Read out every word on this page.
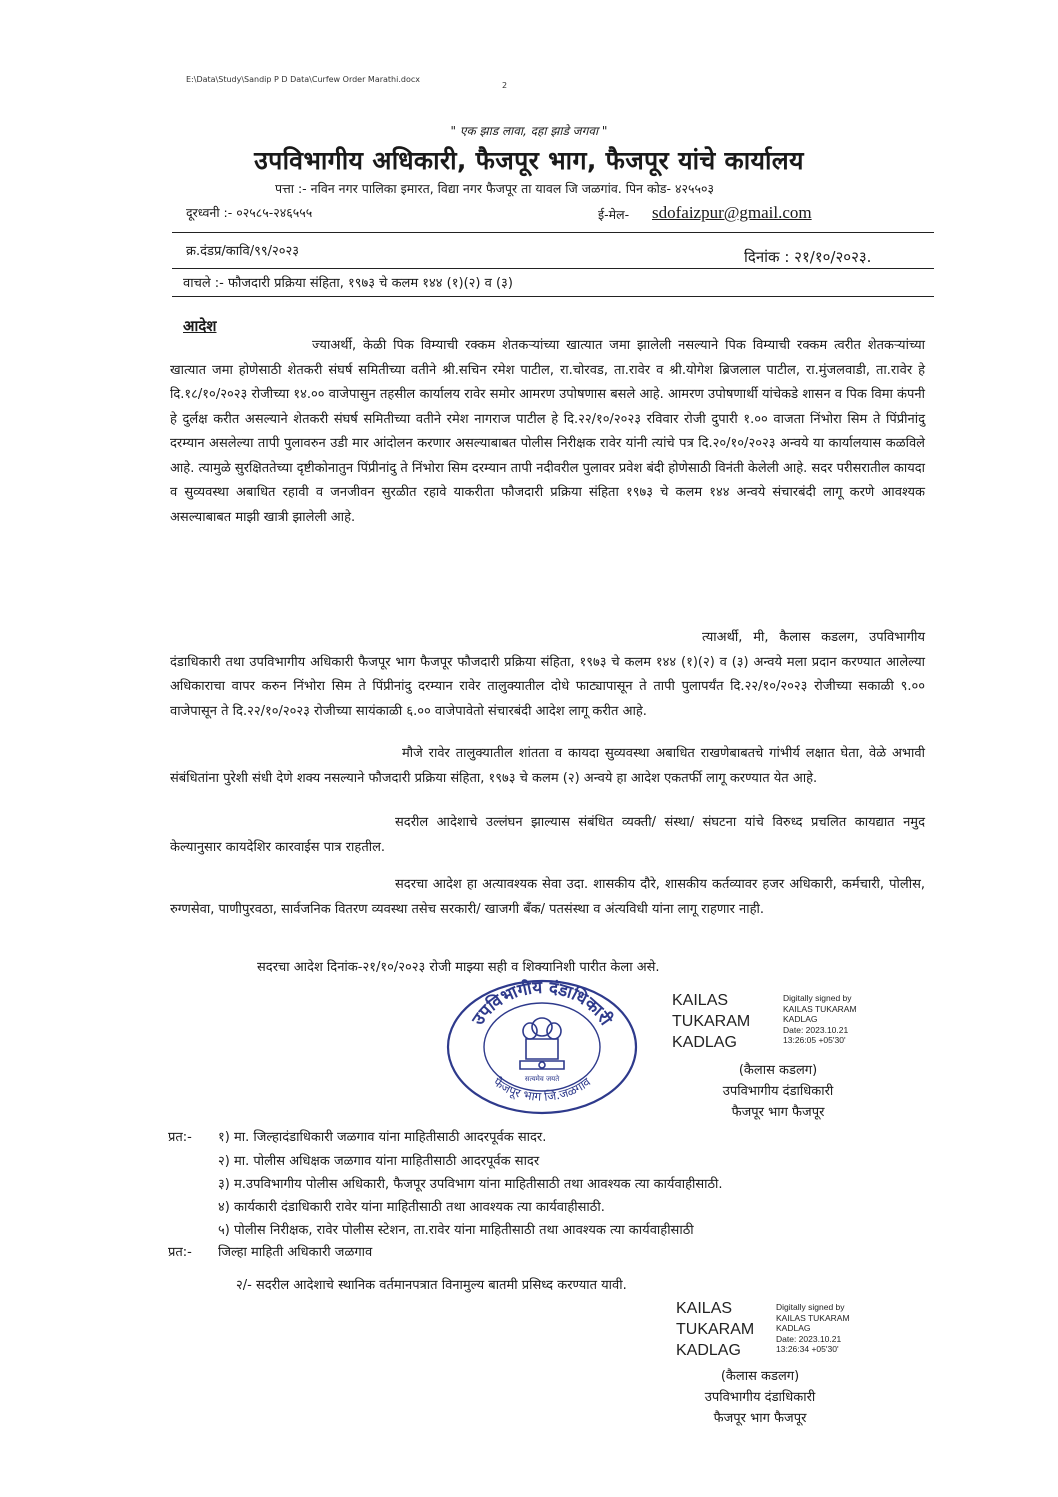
E:\Data\Study\Sandip P D Data\Curfew Order Marathi.docx
2
" एक झाड लावा, दहा झाडे जगवा "
उपविभागीय अधिकारी, फैजपूर भाग, फैजपूर यांचे कार्यालय
पत्ता :- नविन नगर पालिका इमारत, विद्या नगर फैजपूर ता यावल जि जळगांव. पिन कोड- ४२५५०३
दूरध्वनी :- ०२५८५-२४६५५५	ई-मेल- sdofaizpur@gmail.com
क्र.दंडप्र/कावि/९९/२०२३	दिनांक : २१/१०/२०२३.
वाचले :- फौजदारी प्रक्रिया संहिता, १९७३ चे कलम १४४ (१)(२) व (३)
आदेश
ज्याअर्थी, केळी पिक विम्याची रक्कम शेतकऱ्यांच्या खात्यात जमा झालेली नसल्याने पिक विम्याची रक्कम त्वरीत शेतकऱ्यांच्या खात्यात जमा होणेसाठी शेतकरी संघर्ष समितीच्या वतीने श्री.सचिन रमेश पाटील, रा.चोरवड, ता.रावेर व श्री.योगेश ब्रिजलाल पाटील, रा.मुंजलवाडी, ता.रावेर हे दि.१८/१०/२०२३ रोजीच्या १४.०० वाजेपासुन तहसील कार्यालय रावेर समोर आमरण उपोषणास बसले आहे. आमरण उपोषणार्थी यांचेकडे शासन व पिक विमा कंपनी हे दुर्लक्ष करीत असल्याने शेतकरी संघर्ष समितीच्या वतीने रमेश नागराज पाटील हे दि.२२/१०/२०२३ रविवार रोजी दुपारी १.०० वाजता निंभोरा सिम ते पिंप्रीनांदु दरम्यान असलेल्या तापी पुलावरुन उडी मार आंदोलन करणार असल्याबाबत पोलीस निरीक्षक रावेर यांनी त्यांचे पत्र दि.२०/१०/२०२३ अन्वये या कार्यालयास कळविले आहे. त्यामुळे सुरक्षिततेच्या दृष्टीकोनातुन पिंप्रीनांदु ते निंभोरा सिम दरम्यान तापी नदीवरील पुलावर प्रवेश बंदी होणेसाठी विनंती केलेली आहे. सदर परीसरातील कायदा व सुव्यवस्था अबाधित रहावी व जनजीवन सुरळीत रहावे याकरीता फौजदारी प्रक्रिया संहिता १९७३ चे कलम १४४ अन्वये संचारबंदी लागू करणे आवश्यक असल्याबाबत माझी खात्री झालेली आहे.
त्याअर्थी, मी, कैलास कडलग, उपविभागीय दंडाधिकारी तथा उपविभागीय अधिकारी फैजपूर भाग फैजपूर फौजदारी प्रक्रिया संहिता, १९७३ चे कलम १४४ (१)(२) व (३) अन्वये मला प्रदान करण्यात आलेल्या अधिकाराचा वापर करुन निंभोरा सिम ते पिंप्रीनांदु दरम्यान रावेर तालुक्यातील दोधे फाट्यापासून ते तापी पुलापर्यंत दि.२२/१०/२०२३ रोजीच्या सकाळी ९.०० वाजेपासून ते दि.२२/१०/२०२३ रोजीच्या सायंकाळी ६.०० वाजेपावेतो संचारबंदी आदेश लागू करीत आहे.
मौजे रावेर तालुक्यातील शांतता व कायदा सुव्यवस्था अबाधित राखणेबाबतचे गांभीर्य लक्षात घेता, वेळे अभावी संबंधितांना पुरेशी संधी देणे शक्य नसल्याने फौजदारी प्रक्रिया संहिता, १९७३ चे कलम (२) अन्वये हा आदेश एकतर्फी लागू करण्यात येत आहे.
सदरील आदेशाचे उल्लंघन झाल्यास संबंधित व्यक्ती/ संस्था/ संघटना यांचे विरुध्द प्रचलित कायद्यात नमुद केल्यानुसार कायदेशिर कारवाईस पात्र राहतील.
सदरचा आदेश हा अत्यावश्यक सेवा उदा. शासकीय दौरे, शासकीय कर्तव्यावर हजर अधिकारी, कर्मचारी, पोलीस, रुग्णसेवा, पाणीपुरवठा, सार्वजनिक वितरण व्यवस्था तसेच सरकारी/ खाजगी बँक/ पतसंस्था व अंत्यविधी यांना लागू राहणार नाही.
सदरचा आदेश दिनांक-२१/१०/२०२३ रोजी माझ्या सही व शिक्यानिशी पारीत केला असे.
उपविभागीय दंडाधिकारी
फैजपूर भाग जि.जळगांव
सत्यमेव जयते
KAILAS
TUKARAM
KADLAG
Digitally signed by
KAILAS TUKARAM
KADLAG
Date: 2023.10.21
13:26:05 +05'30'
(कैलास कडलग)
उपविभागीय दंडाधिकारी
फैजपूर भाग फैजपूर
प्रत:- १) मा. जिल्हादंडाधिकारी जळगाव यांना माहितीसाठी आदरपूर्वक सादर.
२) मा. पोलीस अधिक्षक जळगाव यांना माहितीसाठी आदरपूर्वक सादर
३) म.उपविभागीय पोलीस अधिकारी, फैजपूर उपविभाग यांना माहितीसाठी तथा आवश्यक त्या कार्यवाहीसाठी.
४) कार्यकारी दंडाधिकारी रावेर यांना माहितीसाठी तथा आवश्यक त्या कार्यवाहीसाठी.
५) पोलीस निरीक्षक, रावेर पोलीस स्टेशन, ता.रावेर यांना माहितीसाठी तथा आवश्यक त्या कार्यवाहीसाठी
प्रत:- जिल्हा माहिती अधिकारी जळगाव
२/- सदरील आदेशाचे स्थानिक वर्तमानपत्रात विनामुल्य बातमी प्रसिध्द करण्यात यावी.
KAILAS
TUKARAM
KADLAG
Digitally signed by
KAILAS TUKARAM
KADLAG
Date: 2023.10.21
13:26:34 +05'30'
(कैलास कडलग)
उपविभागीय दंडाधिकारी
फैजपूर भाग फैजपूर
